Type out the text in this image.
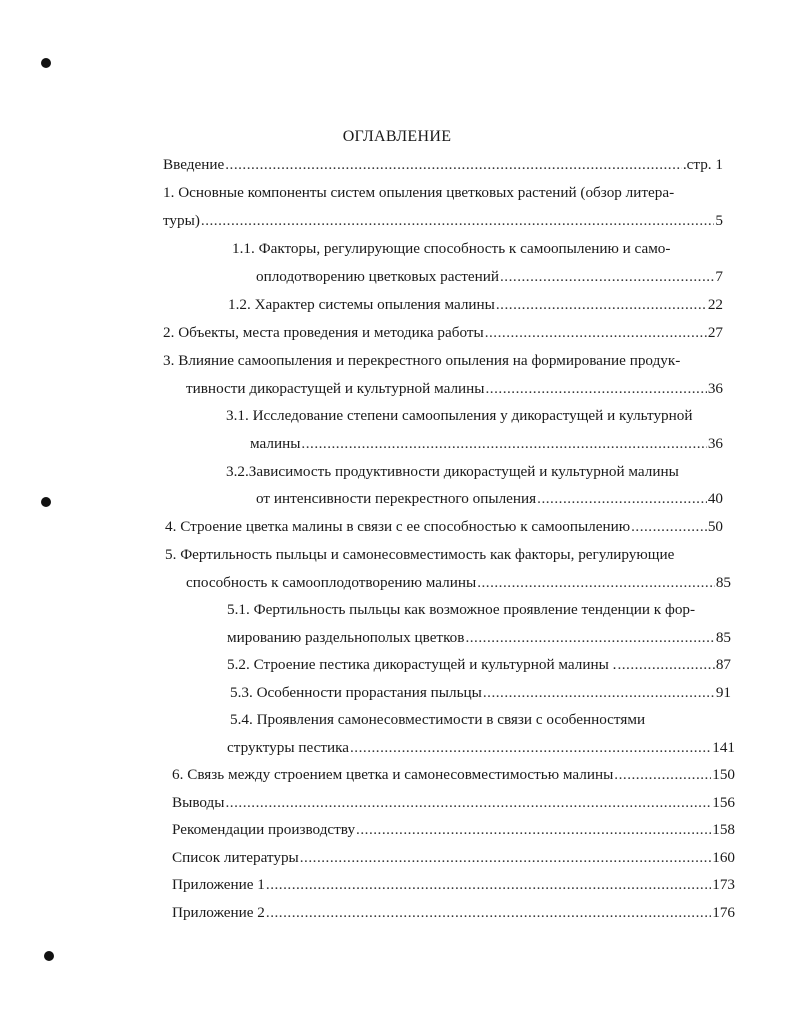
ОГЛАВЛЕНИЕ
Введение .....	.стр. 1
1. Основные компоненты систем опыления цветковых растений (обзор литера-
туры) .....	5
1.1. Факторы, регулирующие способность к самоопылению и само-
оплодотворению цветковых растений .....	7
1.2. Характер системы опыления малины .....	22
2. Объекты, места проведения и методика работы .....	27
3. Влияние самоопыления и перекрестного опыления на формирование продук-
тивности дикорастущей и культурной малины .....	36
3.1. Исследование степени самоопыления у дикорастущей и культурной
малины .....	36
3.2.Зависимость продуктивности дикорастущей и культурной малины
от интенсивности перекрестного опыления .....	40
4. Строение цветка малины в связи с ее способностью к самоопылению .....	50
5. Фертильность пыльцы и самонесовместимость как факторы, регулирующие
способность к самооплодотворению малины .....	85
5.1. Фертильность пыльцы как возможное проявление тенденции к фор-
мированию раздельнополых цветков .....	85
5.2. Строение пестика дикорастущей и культурной малины . .....	87
5.3. Особенности прорастания пыльцы .....	91
5.4. Проявления самонесовместимости в связи с особенностями
структуры пестика .....	141
6. Связь между строением цветка и самонесовместимостью малины .....	150
Выводы .....	156
Рекомендации производству .....	158
Список литературы .....	160
Приложение 1 .....	173
Приложение 2 .....	176
